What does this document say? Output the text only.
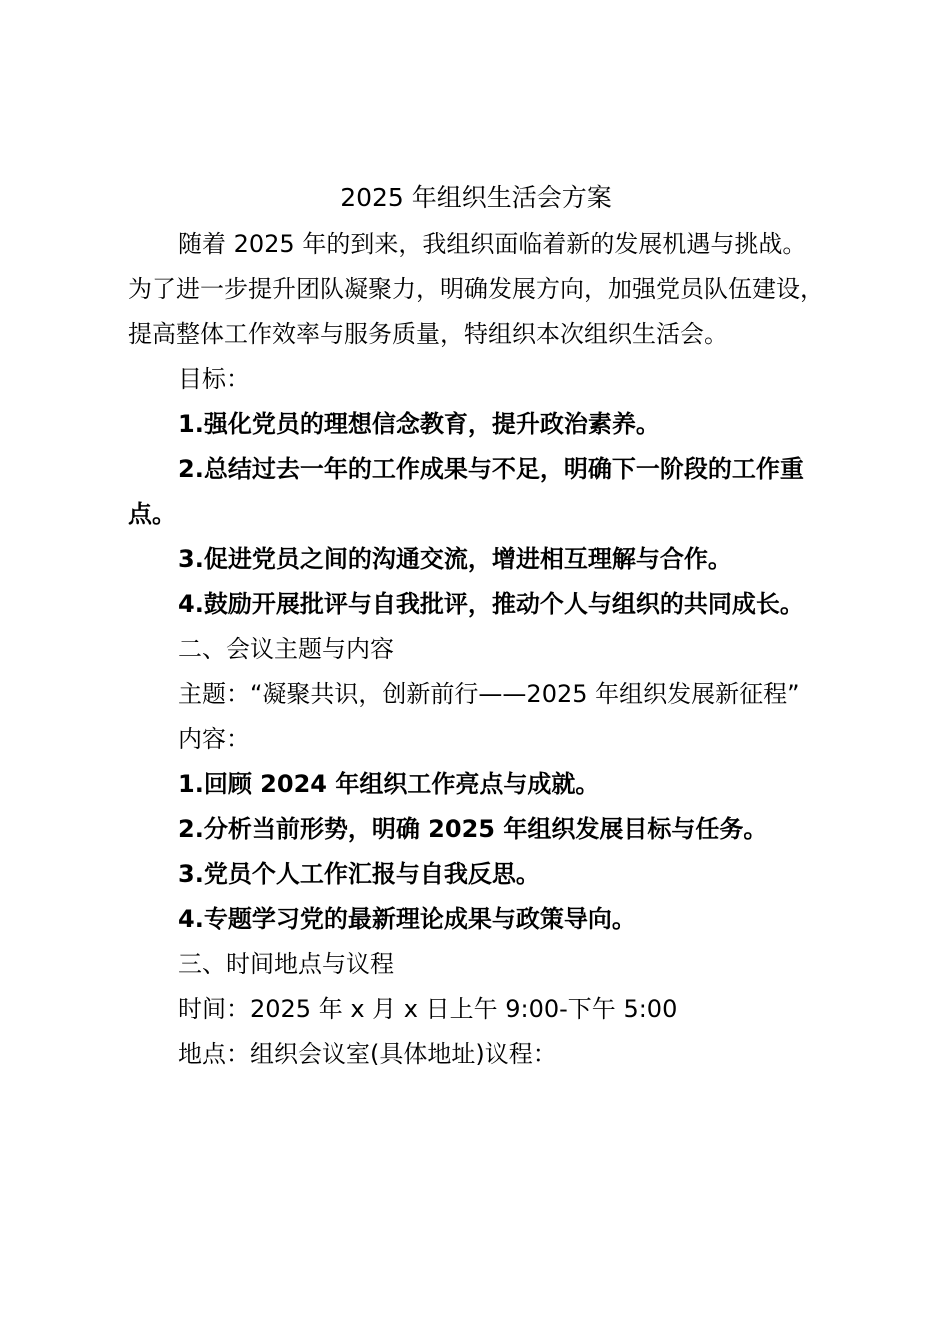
2025 年组织生活会方案

随着 2025 年的到来，我组织面临着新的发展机遇与挑战。为了进一步提升团队凝聚力，明确发展方向，加强党员队伍建设，提高整体工作效率与服务质量，特组织本次组织生活会。

目标：

1.强化党员的理想信念教育，提升政治素养。

2.总结过去一年的工作成果与不足，明确下一阶段的工作重点。

3.促进党员之间的沟通交流，增进相互理解与合作。

4.鼓励开展批评与自我批评，推动个人与组织的共同成长。

二、会议主题与内容

主题：“凝聚共识，创新前行——2025 年组织发展新征程”

内容：

1.回顾 2024 年组织工作亮点与成就。

2.分析当前形势，明确 2025 年组织发展目标与任务。

3.党员个人工作汇报与自我反思。

4.专题学习党的最新理论成果与政策导向。

三、时间地点与议程

时间：2025 年 x 月 x 日上午 9:00-下午 5:00

地点：组织会议室(具体地址)议程：
